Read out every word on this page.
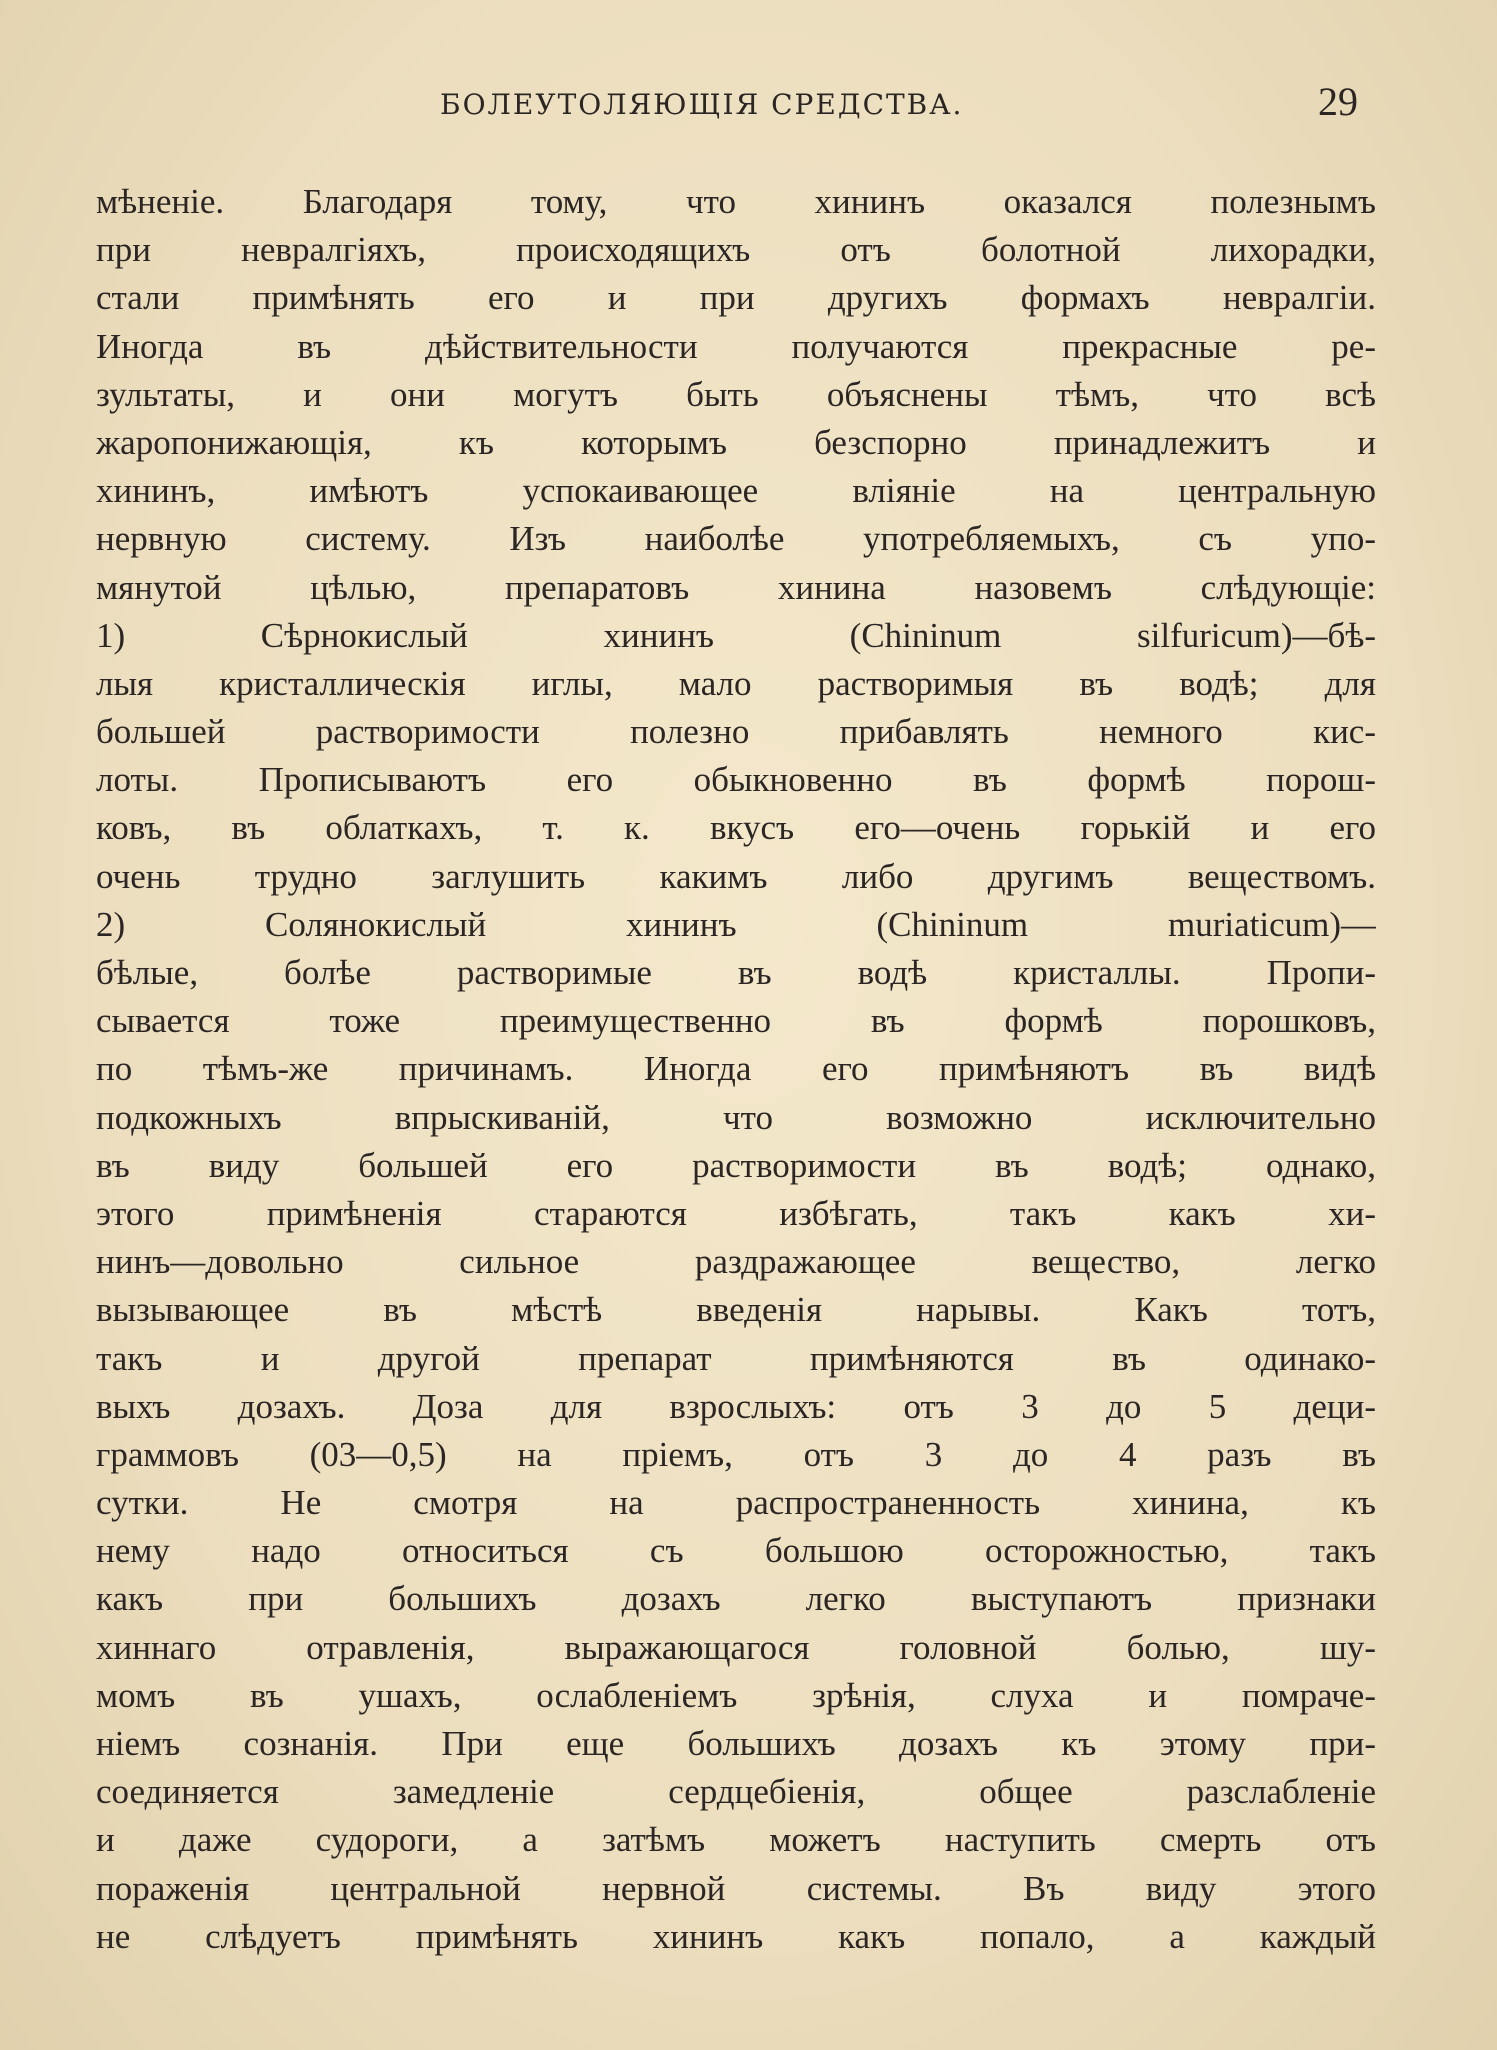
БОЛЕУТОЛЯЮЩІЯ СРЕДСТВА.	29
мѣненіе. Благодаря тому, что хининъ оказался полезнымъ
при невралгіяхъ, происходящихъ отъ болотной лихорадки,
стали примѣнять его и при другихъ формахъ невралгіи.
Иногда въ дѣйствительности получаются прекрасные ре-
зультаты, и они могутъ быть объяснены тѣмъ, что всѣ
жаропонижающія, къ которымъ безспорно принадлежитъ и
хининъ, имѣютъ успокаивающее вліяніе на центральную
нервную систему. Изъ наиболѣе употребляемыхъ, съ упо-
мянутой цѣлью, препаратовъ хинина назовемъ слѣдующіе:
1) Сѣрнокислый хининъ (Chininum silfuricum)—бѣ-
лыя кристаллическія иглы, мало растворимыя въ водѣ; для
большей растворимости полезно прибавлять немного кис-
лоты. Прописываютъ его обыкновенно въ формѣ порош-
ковъ, въ облаткахъ, т. к. вкусъ его—очень горькій и его
очень трудно заглушить какимъ либо другимъ веществомъ.
2) Солянокислый хининъ (Chininum muriaticum)—
бѣлые, болѣе растворимые въ водѣ кристаллы. Пропи-
сывается тоже преимущественно въ формѣ порошковъ,
по тѣмъ-же причинамъ. Иногда его примѣняютъ въ видѣ
подкожныхъ впрыскиваній, что возможно исключительно
въ виду большей его растворимости въ водѣ; однако,
этого примѣненія стараются избѣгать, такъ какъ хи-
нинъ—довольно сильное раздражающее вещество, легко
вызывающее въ мѣстѣ введенія нарывы. Какъ тотъ,
такъ и другой препарат примѣняются въ одинако-
выхъ дозахъ. Доза для взрослыхъ: отъ 3 до 5 деци-
граммовъ (03—0,5) на пріемъ, отъ 3 до 4 разъ въ
сутки. Не смотря на распространенность хинина, къ
нему надо относиться съ большою осторожностью, такъ
какъ при большихъ дозахъ легко выступаютъ признаки
хиннаго отравленія, выражающагося головной болью, шу-
момъ въ ушахъ, ослабленіемъ зрѣнія, слуха и помраче-
ніемъ сознанія. При еще большихъ дозахъ къ этому при-
соединяется замедленіе сердцебіенія, общее разслабленіе
и даже судороги, а затѣмъ можетъ наступить смерть отъ
пораженія центральной нервной системы. Въ виду этого
не слѣдуетъ примѣнять хининъ какъ попало, а каждый
